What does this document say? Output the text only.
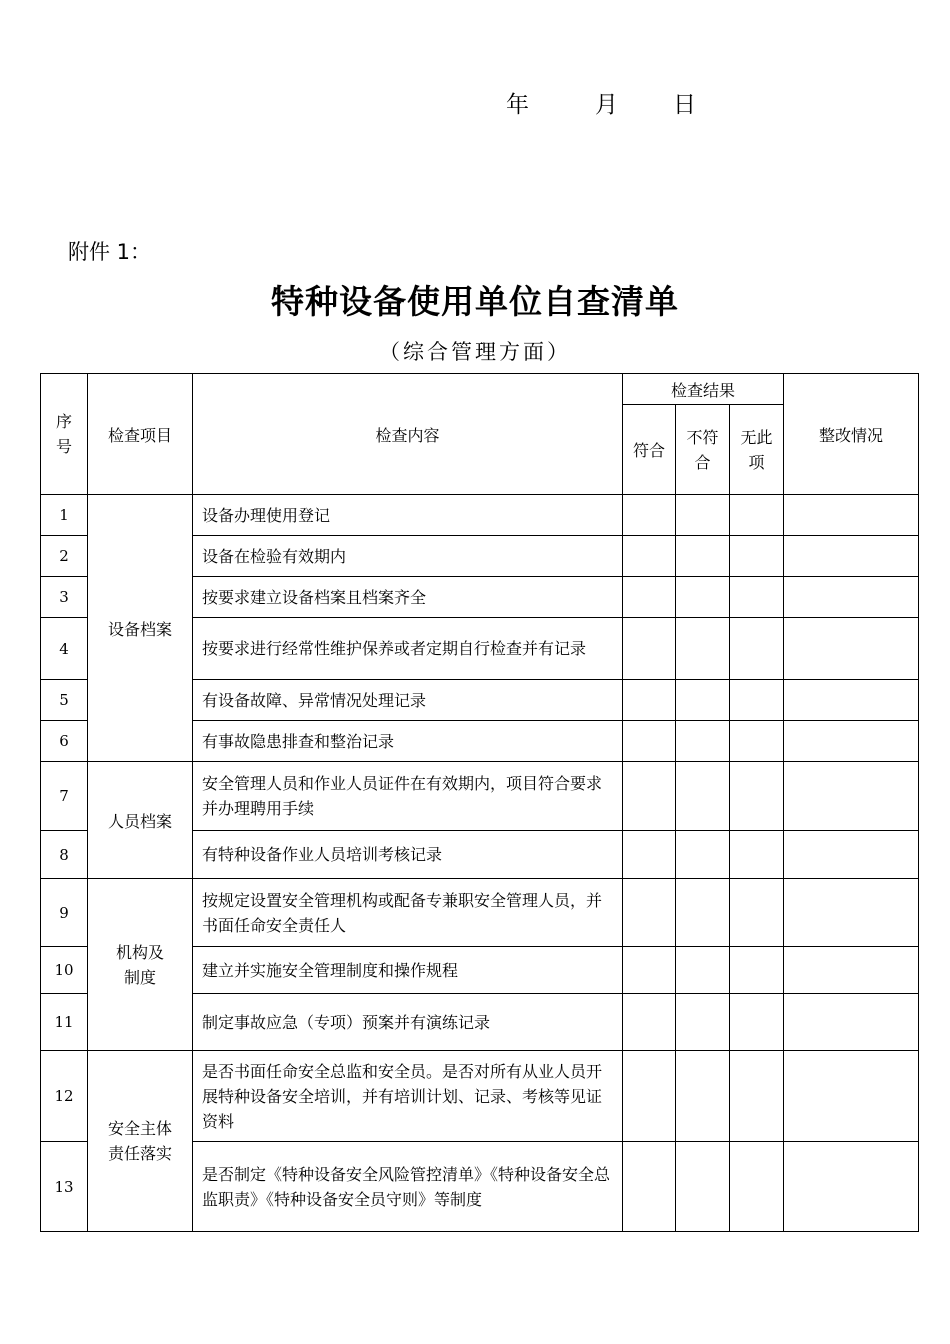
年	月 日
附件 1：
特种设备使用单位自查清单
（综合管理方面）
序号	检查项目	检查内容	检查结果			整改情况
			符合	不符合	无此项	
1	设备档案	设备办理使用登记				
2		设备在检验有效期内				
3		按要求建立设备档案且档案齐全				
4		按要求进行经常性维护保养或者定期自行检查并有记录				
5		有设备故障、异常情况处理记录				
6		有事故隐患排查和整治记录				
7	人员档案	安全管理人员和作业人员证件在有效期内，项目符合要求并办理聘用手续				
8		有特种设备作业人员培训考核记录				
9	机构及制度	按规定设置安全管理机构或配备专兼职安全管理人员，并书面任命安全责任人				
10		建立并实施安全管理制度和操作规程				
11		制定事故应急（专项）预案并有演练记录				
12	安全主体责任落实	是否书面任命安全总监和安全员。是否对所有从业人员开展特种设备安全培训，并有培训计划、记录、考核等见证资料				
13		是否制定《特种设备安全风险管控清单》《特种设备安全总监职责》《特种设备安全员守则》等制度				
